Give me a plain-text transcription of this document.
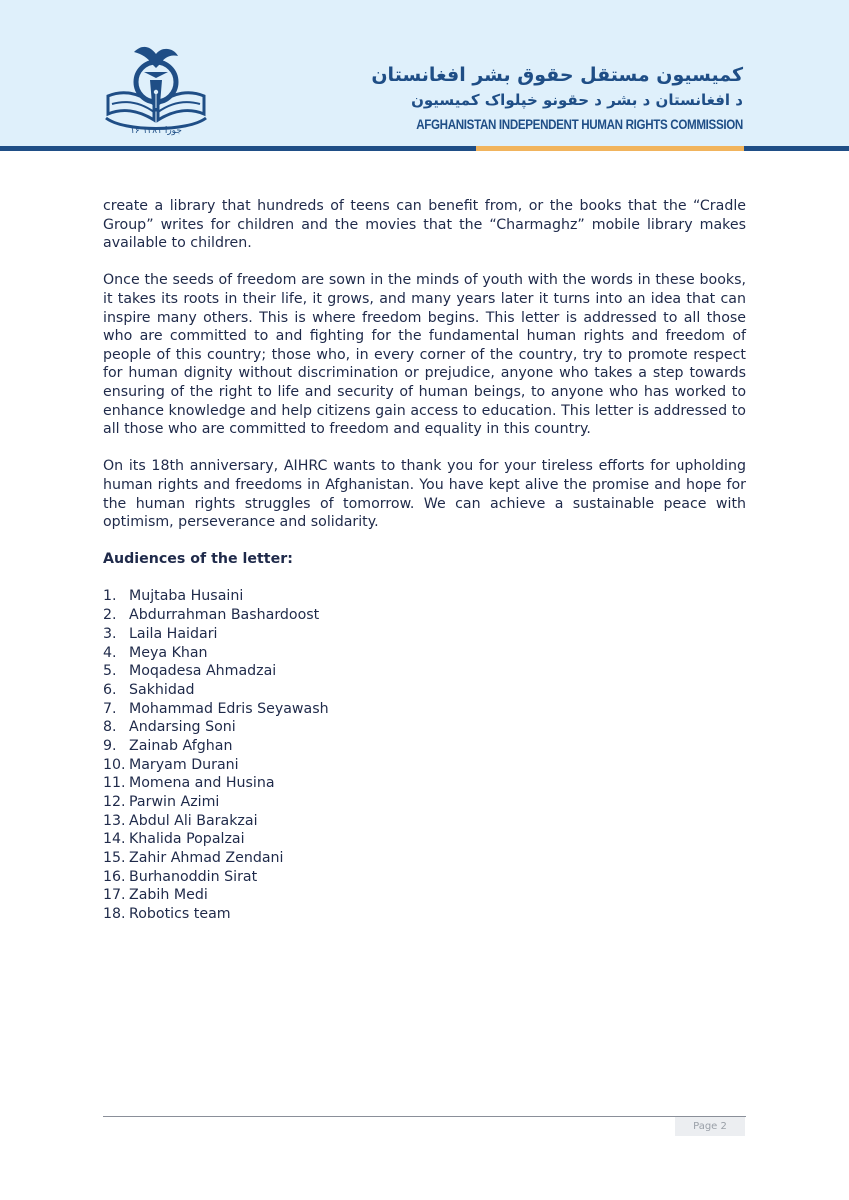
۱۶ جوزا ۱۳۸۱
کمیسیون مستقل حقوق بشر افغانستان
د افغانستان د بشر د حقونو خپلواک کمیسیون
AFGHANISTAN INDEPENDENT HUMAN RIGHTS COMMISSION

create a library that hundreds of teens can benefit from, or the books that the “Cradle Group” writes for children and the movies that the “Charmaghz” mobile library makes available to children.

Once the seeds of freedom are sown in the minds of youth with the words in these books, it takes its roots in their life, it grows, and many years later it turns into an idea that can inspire many others. This is where freedom begins. This letter is addressed to all those who are committed to and fighting for the fundamental human rights and freedom of people of this country; those who, in every corner of the country, try to promote respect for human dignity without discrimination or prejudice, anyone who takes a step towards ensuring of the right to life and security of human beings, to anyone who has worked to enhance knowledge and help citizens gain access to education. This letter is addressed to all those who are committed to freedom and equality in this country.

On its 18th anniversary, AIHRC wants to thank you for your tireless efforts for upholding human rights and freedoms in Afghanistan. You have kept alive the promise and hope for the human rights struggles of tomorrow. We can achieve a sustainable peace with optimism, perseverance and solidarity.

Audiences of the letter:
1. Mujtaba Husaini
2. Abdurrahman Bashardoost
3. Laila Haidari
4. Meya Khan
5. Moqadesa Ahmadzai
6. Sakhidad
7. Mohammad Edris Seyawash
8. Andarsing Soni
9. Zainab Afghan
10. Maryam Durani
11. Momena and Husina
12. Parwin Azimi
13. Abdul Ali Barakzai
14. Khalida Popalzai
15. Zahir Ahmad Zendani
16. Burhanoddin Sirat
17. Zabih Medi
18. Robotics team
Page 2
